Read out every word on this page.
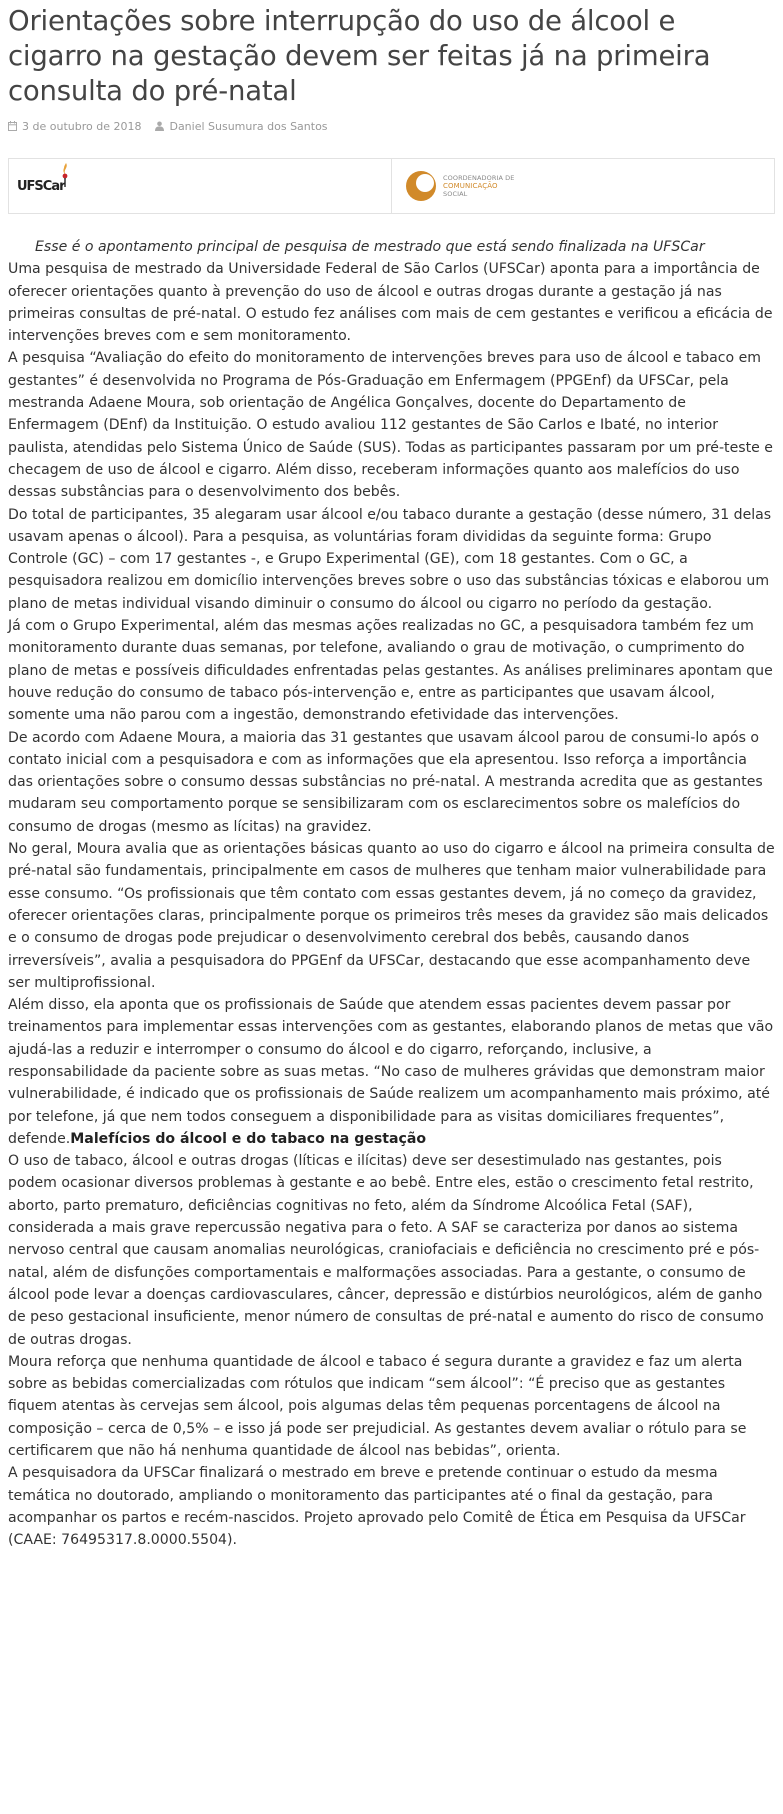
Orientações sobre interrupção do uso de álcool e cigarro na gestação devem ser feitas já na primeira consulta do pré-natal
3 de outubro de 2018	Daniel Susumura dos Santos
UFSCar
COORDENADORIA DE
COMUNICAÇÃO
SOCIAL

Esse é o apontamento principal de pesquisa de mestrado que está sendo finalizada na UFSCar

Uma pesquisa de mestrado da Universidade Federal de São Carlos (UFSCar) aponta para a importância de oferecer orientações quanto à prevenção do uso de álcool e outras drogas durante a gestação já nas primeiras consultas de pré-natal. O estudo fez análises com mais de cem gestantes e verificou a eficácia de intervenções breves com e sem monitoramento.

A pesquisa “Avaliação do efeito do monitoramento de intervenções breves para uso de álcool e tabaco em gestantes” é desenvolvida no Programa de Pós-Graduação em Enfermagem (PPGEnf) da UFSCar, pela mestranda Adaene Moura, sob orientação de Angélica Gonçalves, docente do Departamento de Enfermagem (DEnf) da Instituição. O estudo avaliou 112 gestantes de São Carlos e Ibaté, no interior paulista, atendidas pelo Sistema Único de Saúde (SUS). Todas as participantes passaram por um pré-teste e checagem de uso de álcool e cigarro. Além disso, receberam informações quanto aos malefícios do uso dessas substâncias para o desenvolvimento dos bebês.

Do total de participantes, 35 alegaram usar álcool e/ou tabaco durante a gestação (desse número, 31 delas usavam apenas o álcool). Para a pesquisa, as voluntárias foram divididas da seguinte forma: Grupo Controle (GC) – com 17 gestantes -, e Grupo Experimental (GE), com 18 gestantes. Com o GC, a pesquisadora realizou em domicílio intervenções breves sobre o uso das substâncias tóxicas e elaborou um plano de metas individual visando diminuir o consumo do álcool ou cigarro no período da gestação.

Já com o Grupo Experimental, além das mesmas ações realizadas no GC, a pesquisadora também fez um monitoramento durante duas semanas, por telefone, avaliando o grau de motivação, o cumprimento do plano de metas e possíveis dificuldades enfrentadas pelas gestantes. As análises preliminares apontam que houve redução do consumo de tabaco pós-intervenção e, entre as participantes que usavam álcool, somente uma não parou com a ingestão, demonstrando efetividade das intervenções.

De acordo com Adaene Moura, a maioria das 31 gestantes que usavam álcool parou de consumi-lo após o contato inicial com a pesquisadora e com as informações que ela apresentou. Isso reforça a importância das orientações sobre o consumo dessas substâncias no pré-natal. A mestranda acredita que as gestantes mudaram seu comportamento porque se sensibilizaram com os esclarecimentos sobre os malefícios do consumo de drogas (mesmo as lícitas) na gravidez.

No geral, Moura avalia que as orientações básicas quanto ao uso do cigarro e álcool na primeira consulta de pré-natal são fundamentais, principalmente em casos de mulheres que tenham maior vulnerabilidade para esse consumo. “Os profissionais que têm contato com essas gestantes devem, já no começo da gravidez, oferecer orientações claras, principalmente porque os primeiros três meses da gravidez são mais delicados e o consumo de drogas pode prejudicar o desenvolvimento cerebral dos bebês, causando danos irreversíveis”, avalia a pesquisadora do PPGEnf da UFSCar, destacando que esse acompanhamento deve ser multiprofissional.

Além disso, ela aponta que os profissionais de Saúde que atendem essas pacientes devem passar por treinamentos para implementar essas intervenções com as gestantes, elaborando planos de metas que vão ajudá-las a reduzir e interromper o consumo do álcool e do cigarro, reforçando, inclusive, a responsabilidade da paciente sobre as suas metas. “No caso de mulheres grávidas que demonstram maior vulnerabilidade, é indicado que os profissionais de Saúde realizem um acompanhamento mais próximo, até por telefone, já que nem todos conseguem a disponibilidade para as visitas domiciliares frequentes”, defende.Malefícios do álcool e do tabaco na gestação

O uso de tabaco, álcool e outras drogas (líticas e ilícitas) deve ser desestimulado nas gestantes, pois podem ocasionar diversos problemas à gestante e ao bebê. Entre eles, estão o crescimento fetal restrito, aborto, parto prematuro, deficiências cognitivas no feto, além da Síndrome Alcoólica Fetal (SAF), considerada a mais grave repercussão negativa para o feto. A SAF se caracteriza por danos ao sistema nervoso central que causam anomalias neurológicas, craniofaciais e deficiência no crescimento pré e pós-natal, além de disfunções comportamentais e malformações associadas. Para a gestante, o consumo de álcool pode levar a doenças cardiovasculares, câncer, depressão e distúrbios neurológicos, além de ganho de peso gestacional insuficiente, menor número de consultas de pré-natal e aumento do risco de consumo de outras drogas.

Moura reforça que nenhuma quantidade de álcool e tabaco é segura durante a gravidez e faz um alerta sobre as bebidas comercializadas com rótulos que indicam “sem álcool”: “É preciso que as gestantes fiquem atentas às cervejas sem álcool, pois algumas delas têm pequenas porcentagens de álcool na composição – cerca de 0,5% – e isso já pode ser prejudicial. As gestantes devem avaliar o rótulo para se certificarem que não há nenhuma quantidade de álcool nas bebidas”, orienta.

A pesquisadora da UFSCar finalizará o mestrado em breve e pretende continuar o estudo da mesma temática no doutorado, ampliando o monitoramento das participantes até o final da gestação, para acompanhar os partos e recém-nascidos. Projeto aprovado pelo Comitê de Ética em Pesquisa da UFSCar (CAAE: 76495317.8.0000.5504).
